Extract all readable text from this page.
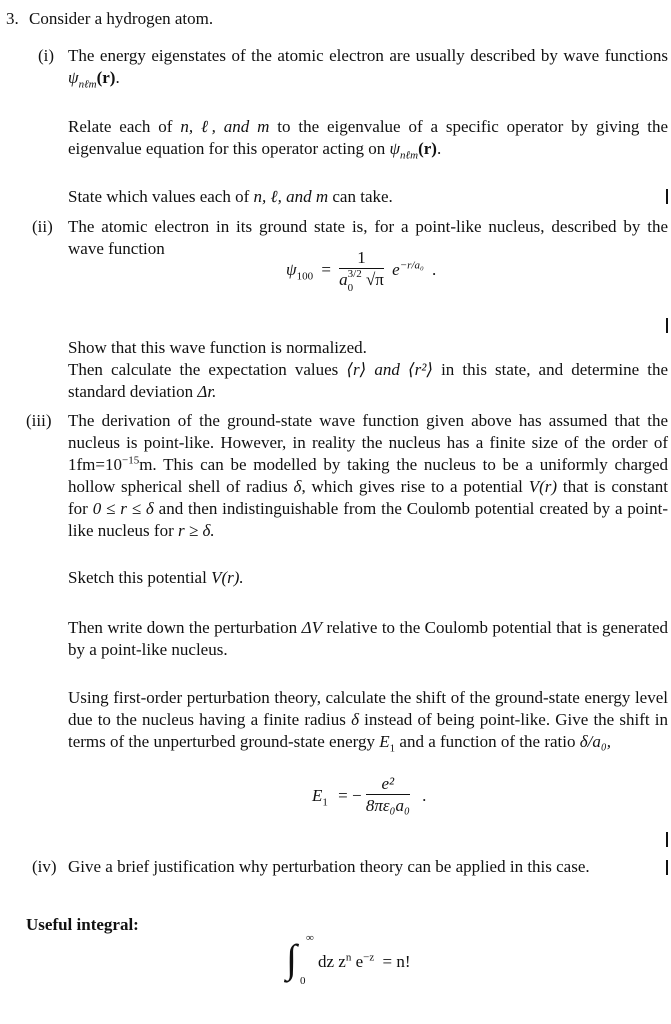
3. Consider a hydrogen atom.
(i) The energy eigenstates of the atomic electron are usually described by wave functions $\psi_{n\ell m}(r)$.

Relate each of n, ℓ, and m to the eigenvalue of a specific operator by giving the eigenvalue equation for this operator acting on $\psi_{n\ell m}(r)$.

State which values each of n, ℓ, and m can take.

(ii) The atomic electron in its ground state is, for a point-like nucleus, described by the wave function

$\psi_{100} = 1$
a3/2
0 √π $e^{-r/a_0}$ .

Show that this wave function is normalized.

Then calculate the expectation values ⟨r⟩ and ⟨r²⟩ in this state, and determine the standard deviation Δr.

(iii) The derivation of the ground-state wave function given above has assumed that the nucleus is point-like. However, in reality the nucleus has a finite size of the order of $1fm=10^{-15}m$. This can be modelled by taking the nucleus to be a uniformly charged hollow spherical shell of radius δ, which gives rise to a potential V(r) that is constant for 0 ≤ r ≤ δ and then indistinguishable from the Coulomb potential created by a point-like nucleus for r ≥ δ.

Sketch this potential V(r).

Then write down the perturbation ΔV relative to the Coulomb potential that is generated by a point-like nucleus.

Using first-order perturbation theory, calculate the shift of the ground-state energy level due to the nucleus having a finite radius δ instead of being point-like. Give the shift in terms of the unperturbed ground-state energy $E_1$ and a function of the ratio δ/a₀,

$E_1$ = − $\frac{\text{e²}}{\text{8πε₀a₀}}$ .
(iv) Give a brief justification why perturbation theory can be applied in this case.

Useful integral:
∫ ∞
0
dz $z^n$ $e^{-z} = n$!
